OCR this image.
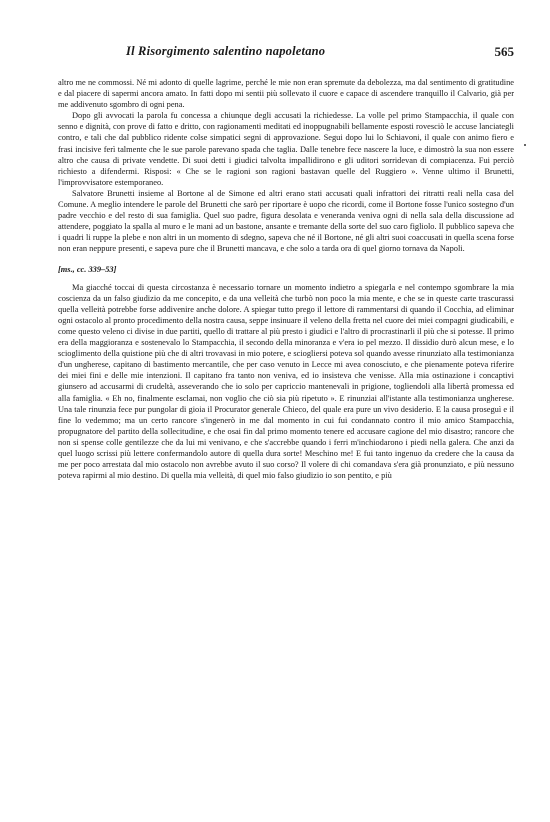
Il Risorgimento salentino napoletano	565

altro me ne commossi. Né mi adonto di quelle lagrime, perché le mie non eran spremute da debolezza, ma dal sentimento di gratitudine e dal piacere di sapermi ancora amato. In fatti dopo mi sentii più sollevato il cuore e capace di ascendere tranquillo il Calvario, già per me addivenuto sgombro di ogni pena.

Dopo gli avvocati la parola fu concessa a chiunque degli accusati la richiedesse. La volle pel primo Stampacchia, il quale con senno e dignità, con prove di fatto e dritto, con ragionamenti meditati ed inoppugnabili bellamente esposti rovesciò le accuse lanciategli contro, e tali che dal pubblico ridente colse simpatici segni di approvazione. Segui dopo lui lo Schiavoni, il quale con animo fiero e frasi incisive ferì talmente che le sue parole parevano spada che taglia. Dalle tenebre fece nascere la luce, e dimostrò la sua non essere altro che causa di private vendette. Di suoi detti i giudici talvolta impallidirono e gli uditori sorridevan di compiacenza. Fui perciò richiesto a difendermi. Risposi: « Che se le ragioni son ragioni bastavan quelle del Ruggiero ». Venne ultimo il Brunetti, l'improvvisatore estemporaneo.

Salvatore Brunetti insieme al Bortone al de Simone ed altri erano stati accusati quali infrattori dei ritratti reali nella casa del Comune. A meglio intendere le parole del Brunetti che sarò per riportare è uopo che ricordi, come il Bortone fosse l'unico sostegno d'un padre vecchio e del resto di sua famiglia. Quel suo padre, figura desolata e veneranda veniva ogni di nella sala della discussione ad attendere, poggiato la spalla al muro e le mani ad un bastone, ansante e tremante della sorte del suo caro figliolo. Il pubblico sapeva che i quadri li ruppe la plebe e non altri in un momento di sdegno, sapeva che né il Bortone, né gli altri suoi coaccusati in quella scena forse non eran neppure presenti, e sapeva pure che il Brunetti mancava, e che solo a tarda ora di quel giorno tornava da Napoli.

[ms., cc. 339–53]

Ma giacché toccai di questa circostanza è necessario tornare un momento indietro a spiegarla e nel contempo sgombrare la mia coscienza da un falso giudizio da me concepito, e da una velleità che turbò non poco la mia mente, e che se in queste carte trascurassi quella velleità potrebbe forse addivenire anche dolore. A spiegar tutto prego il lettore di rammentarsi di quando il Cocchia, ad eliminar ogni ostacolo al pronto procedimento della nostra causa, seppe insinuare il veleno della fretta nel cuore dei miei compagni giudicabili, e come questo veleno ci divise in due partiti, quello di trattare al più presto i giudici e l'altro di procrastinarli il più che si potesse. Il primo era della maggioranza e sostenevalo lo Stampacchia, il secondo della minoranza e v'era io pel mezzo. Il dissidio durò alcun mese, e lo scioglimento della quistione più che di altri trovavasi in mio potere, e sciogliersi poteva sol quando avesse rinunziato alla testimonianza d'un ungherese, capitano di bastimento mercantile, che per caso venuto in Lecce mi avea conosciuto, e che pienamente poteva riferire dei miei fini e delle mie intenzioni. Il capitano fra tanto non veniva, ed io insisteva che venisse. Alla mia ostinazione i concaptivi giunsero ad accusarmi di crudeltà, asseverando che io solo per capriccio mantenevali in prigione, togliendoli alla libertà promessa ed alla famiglia. « Eh no, finalmente esclamai, non voglio che ciò sia più ripetuto ». E rinunziai all'istante alla testimonianza ungherese. Una tale rinunzia fece pur pungolar di gioia il Procurator generale Chieco, del quale era pure un vivo desiderio. E la causa proseguì e il fine lo vedemmo; ma un certo rancore s'ingenerò in me dal momento in cui fui condannato contro il mio amico Stampacchia, propugnatore del partito della sollecitudine, e che osai fin dal primo momento tenere ed accusare cagione del mio disastro; rancore che non si spense colle gentilezze che da lui mi venivano, e che s'accrebbe quando i ferri m'inchiodarono i piedi nella galera. Che anzi da quel luogo scrissi più lettere confermandolo autore di quella dura sorte! Meschino me! E fui tanto ingenuo da credere che la causa da me per poco arrestata dal mio ostacolo non avrebbe avuto il suo corso? Il volere di chi comandava s'era già pronunziato, e più nessuno poteva rapirmi al mio destino. Di quella mia velleità, di quel mio falso giudizio io son pentito, e più
